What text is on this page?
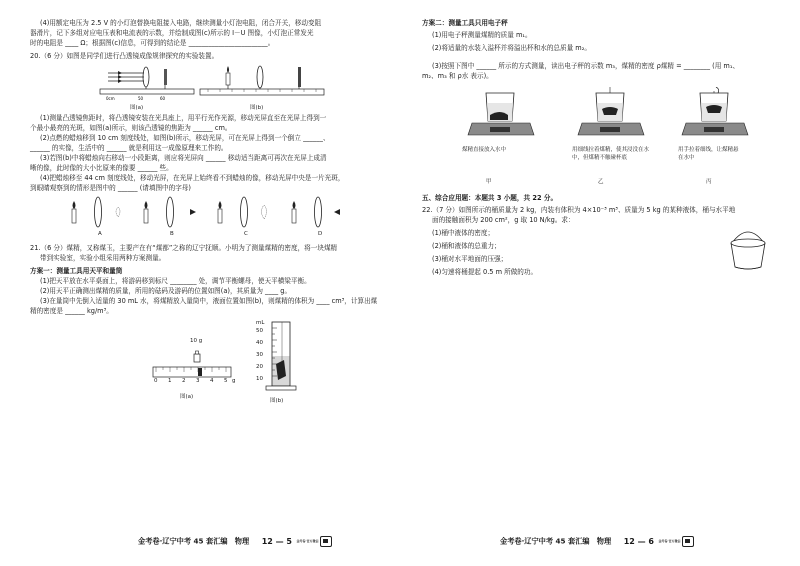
(4)用额定电压为 2.5 V 的小灯泡替换电阻接入电路，继续测量小灯泡电阻，闭合开关，移动变阻
器滑片，记下多组对应电压表和电流表的示数，并绘制成图(c)所示的 I－U 图像，小灯泡正常发光
时的电阻是 ____ Ω；根据图(c)信息，可得到的结论是 ________________________。
20.（6 分）如图是同学们进行凸透镜成像规律探究的实验装置。
0cm	50	60
图(a)	图(b)
(1)测量凸透镜焦距时，将凸透镜安装在光具座上，用平行光作光源，移动光屏直至在光屏上得到一
个最小最亮的光斑，如图(a)所示，则该凸透镜的焦距为 ______ cm。
(2)点燃的蜡烛移到 10 cm 刻度线处，如图(b)所示，移动光屏，可在光屏上得到一个倒立 ______、
______ 的实像，生活中的 ______ 就是利用这一成像原理来工作的。
(3)若图(b)中将蜡烛向右移动一小段距离，则应将光屏向 ______ 移动适当距离可再次在光屏上成清
晰的像，此时像的大小比原来的像要 ______ 些。
(4)把蜡烛移至 44 cm 刻度线处，移动光屏，在光屏上始终看不到蜡烛的像，移动光屏中央是一片光斑，
到眼睛观察到的情形是图中的 ______ (请填图中的字母)
A	B	C	D
21.（6 分）煤精，又称煤玉，主要产在有“煤都”之称的辽宁抚顺。小明为了测量煤精的密度，将一块煤精
带到实验室，实验小组采用两种方案测量。
方案一：测量工具用天平和量筒
(1)把天平放在水平桌面上，将游码移到标尺 ________ 处，调节平衡螺母，使天平横梁平衡。
(2)用天平正确测出煤精的质量，所用的砝码及游码的位置如图(a)，其质量为 ____ g。
(3)在量筒中先倒入适量的 30 mL 水，将煤精放入量筒中，液面位置如图(b)，则煤精的体积为 ____ cm³，计算出煤
精的密度是 ______ kg/m³。
10 g
0 1 2 3 4 5 g
图(a)
mL
50
40
30
20
10
图(b)
金考卷·辽宁中考 45 套汇编　物理 12 — 5 金考卷 官方微信
方案二：测量工具只用电子秤
(1)用电子秤测量煤精的质量 m₁。
(2)将适量的水装入溢杯并将溢出杯和水的总质量 m₂。
(3)按照下图中 ______ 所示的方式测量，读出电子秤的示数 m₃，煤精的密度 ρ煤精 = ________ (用 m₁、
m₂、m₃ 和 ρ水 表示)。
煤精直接放入水中	用细线拉着煤精，使其浸没在水中，但煤精不触碰杯底
用手拉着细线，让煤精悬在水中
甲	乙	丙
五、综合应用题：本题共 3 小题，共 22 分。
22.（7 分）如图所示的桶质量为 2 kg，内装有体积为 4×10⁻³ m³、质量为 5 kg 的某种液体，桶与水平地
面的接触面积为 200 cm²，g 取 10 N/kg。求：
(1)桶中液体的密度；
(2)桶和液体的总重力；
(3)桶对水平地面的压强；
(4)匀速将桶提起 0.5 m 所做的功。
金考卷·辽宁中考 45 套汇编　物理 12 — 6 金考卷 官方微信
